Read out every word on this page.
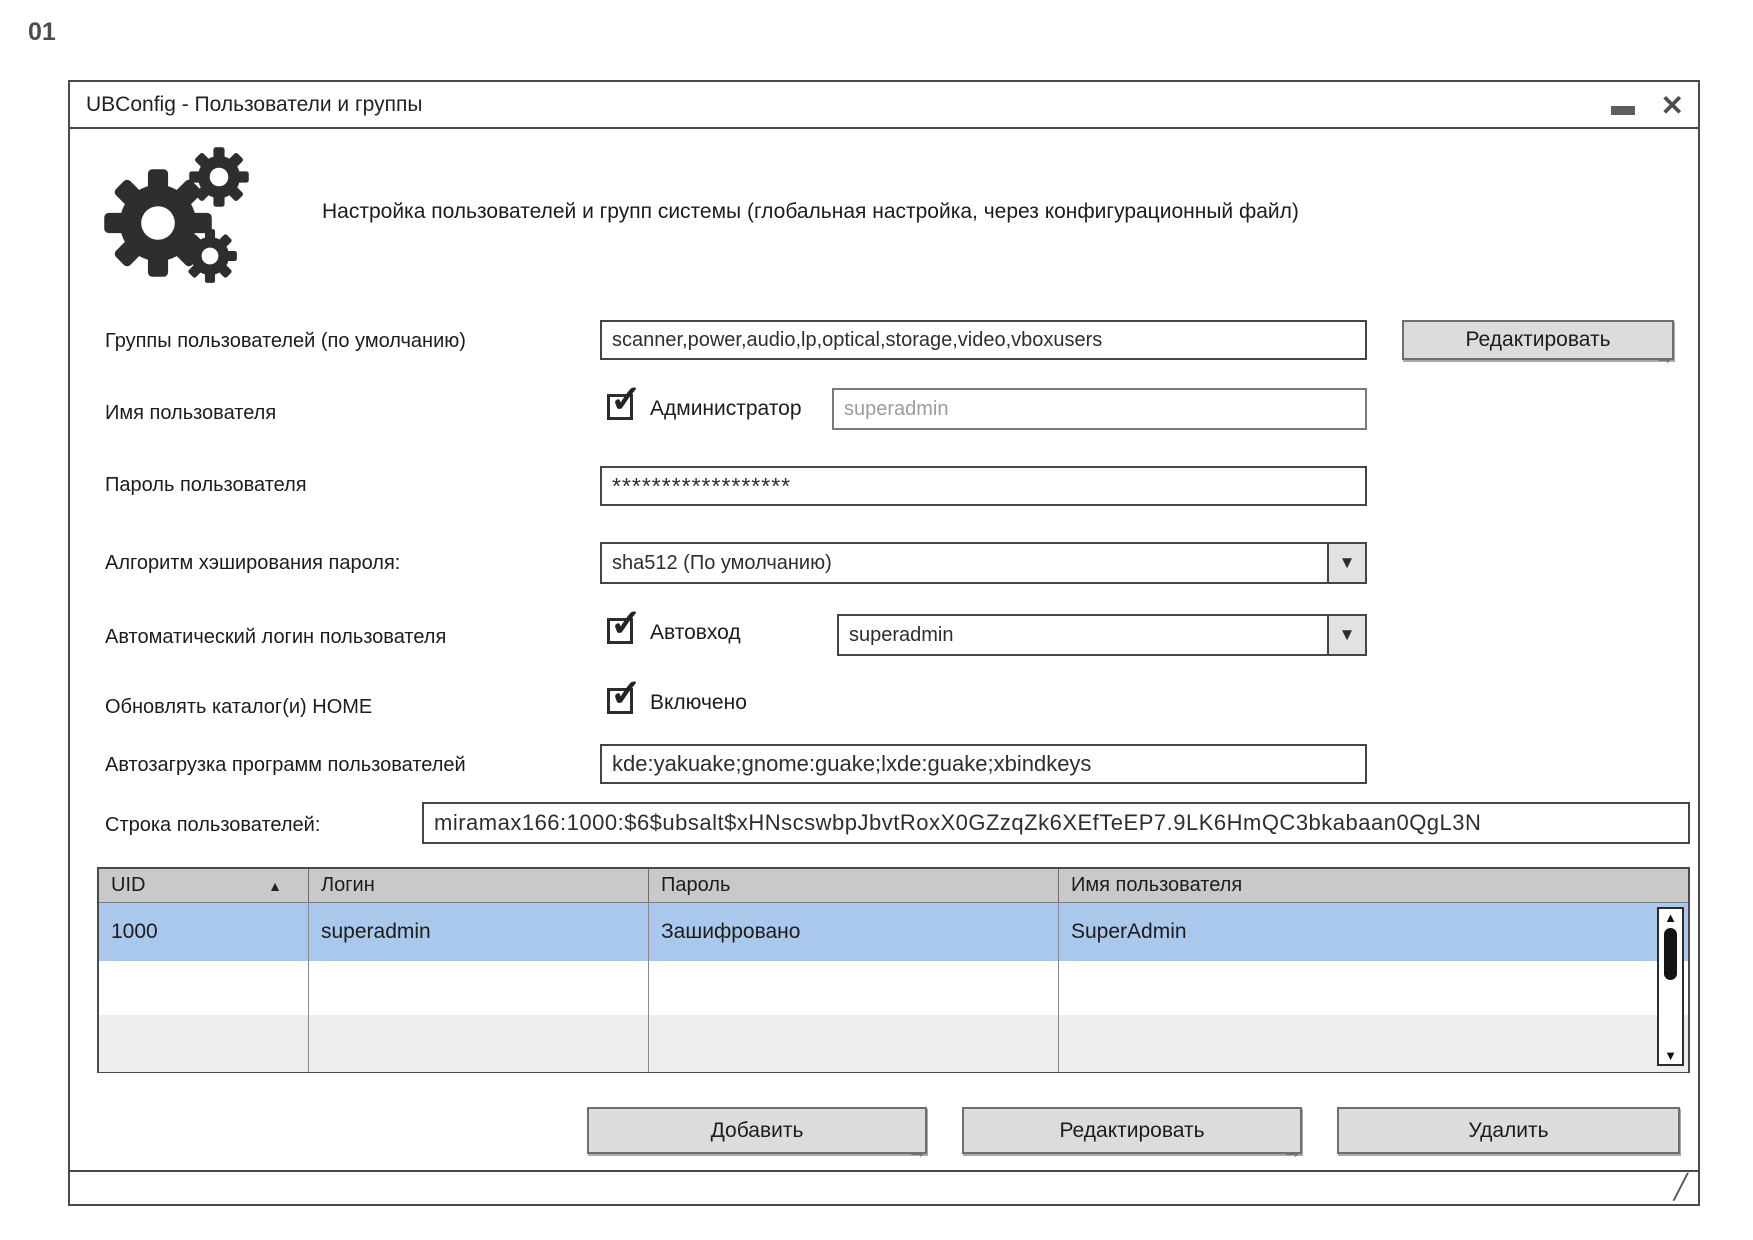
01
UBConfig - Пользователи и группы	✕
Настройка пользователей и групп системы (глобальная настройка, через конфигурационный файл)
Группы пользователей (по умолчанию)	scanner,power,audio,lp,optical,storage,video,vboxusers	Редактировать
→
Имя пользователя	✓ Администратор	superadmin
Пароль пользователя	******************
Алгоритм хэширования пароля:	sha512 (По умолчанию)	▼
Автоматический логин пользователя	✓ Автовход	superadmin	▼
Обновлять каталог(и) HOME	✓ Включено
Автозагрузка программ пользователей	kde:yakuake;gnome:guake;lxde:guake;xbindkeys
Строка пользователей:	miramax166:1000:$6$ubsalt$xHNscswbpJbvtRoxX0GZzqZk6XEfTeEP7.9LK6HmQC3bkabaan0QgL3N
UID	▲	Логин	Пароль	Имя пользователя
1000	superadmin	Зашифровано	SuperAdmin
▲
▼
Добавить
→
Редактировать
→
Удалить
╱
